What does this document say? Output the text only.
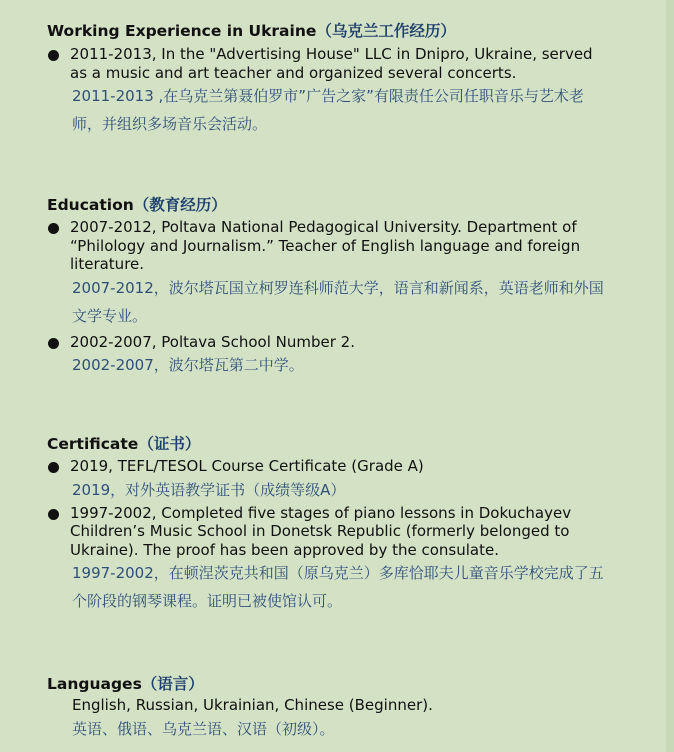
Working Experience in Ukraine（乌克兰工作经历）
2011-2013, In the "Advertising House" LLC in Dnipro, Ukraine, served as a music and art teacher and organized several concerts.
2011-2013 ,在乌克兰第聂伯罗市”广告之家”有限责任公司任职音乐与艺术老师，并组织多场音乐会活动。
Education（教育经历）
2007-2012, Poltava National Pedagogical University. Department of “Philology and Journalism.” Teacher of English language and foreign literature.
2007-2012，波尔塔瓦国立柯罗连科师范大学，语言和新闻系，英语老师和外国文学专业。
2002-2007, Poltava School Number 2.
2002-2007，波尔塔瓦第二中学。
Certificate（证书）
2019, TEFL/TESOL Course Certificate (Grade A)
2019，对外英语教学证书（成绩等级A）
1997-2002, Completed five stages of piano lessons in Dokuchayev Children’s Music School in Donetsk Republic (formerly belonged to Ukraine). The proof has been approved by the consulate.
1997-2002，在顿涅茨克共和国（原乌克兰）多库恰耶夫儿童音乐学校完成了五个阶段的钢琴课程。证明已被使馆认可。
Languages（语言）
English, Russian, Ukrainian, Chinese (Beginner).
英语、俄语、乌克兰语、汉语（初级）。
